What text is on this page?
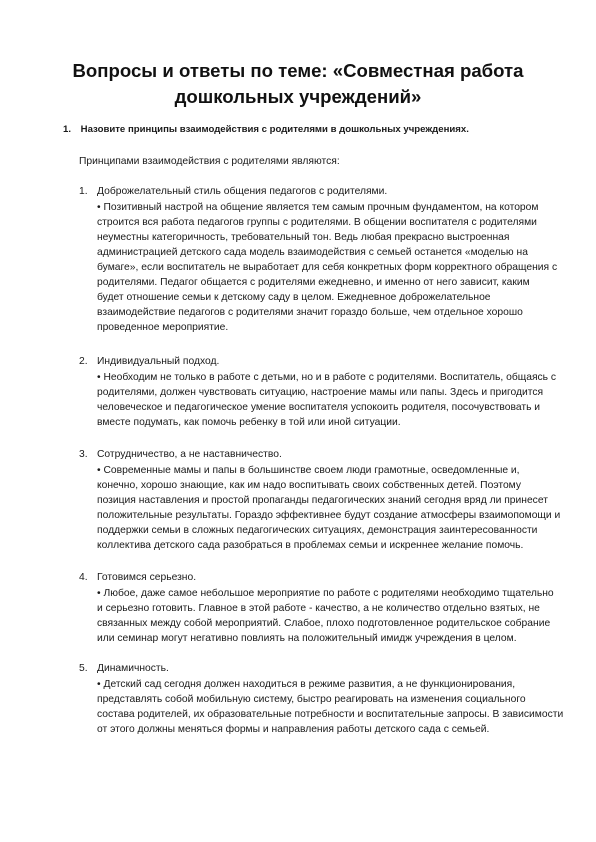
Вопросы и ответы по теме: «Совместная работа
дошкольных учреждений»
1. Назовите принципы взаимодействия с родителями в дошкольных учреждениях.
Принципами взаимодействия с родителями являются:
1. Доброжелательный стиль общения педагогов с родителями.
• Позитивный настрой на общение является тем самым прочным фундаментом, на котором
строится вся работа педагогов группы с родителями. В общении воспитателя с родителями
неуместны категоричность, требовательный тон. Ведь любая прекрасно выстроенная
администрацией детского сада модель взаимодействия с семьей останется «моделью на
бумаге», если воспитатель не выработает для себя конкретных форм корректного обращения с
родителями. Педагог общается с родителями ежедневно, и именно от него зависит, каким
будет отношение семьи к детскому саду в целом. Ежедневное доброжелательное
взаимодействие педагогов с родителями значит гораздо больше, чем отдельное хорошо
проведенное мероприятие.
2. Индивидуальный подход.
• Необходим не только в работе с детьми, но и в работе с родителями. Воспитатель, общаясь с
родителями, должен чувствовать ситуацию, настроение мамы или папы. Здесь и пригодится
человеческое и педагогическое умение воспитателя успокоить родителя, посочувствовать и
вместе подумать, как помочь ребенку в той или иной ситуации.
3. Сотрудничество, а не наставничество.
• Современные мамы и папы в большинстве своем люди грамотные, осведомленные и,
конечно, хорошо знающие, как им надо воспитывать своих собственных детей. Поэтому
позиция наставления и простой пропаганды педагогических знаний сегодня вряд ли принесет
положительные результаты. Гораздо эффективнее будут создание атмосферы взаимопомощи и
поддержки семьи в сложных педагогических ситуациях, демонстрация заинтересованности
коллектива детского сада разобраться в проблемах семьи и искреннее желание помочь.
4. Готовимся серьезно.
• Любое, даже самое небольшое мероприятие по работе с родителями необходимо тщательно
и серьезно готовить. Главное в этой работе - качество, а не количество отдельно взятых, не
связанных между собой мероприятий. Слабое, плохо подготовленное родительское собрание
или семинар могут негативно повлиять на положительный имидж учреждения в целом.
5. Динамичность.
• Детский сад сегодня должен находиться в режиме развития, а не функционирования,
представлять собой мобильную систему, быстро реагировать на изменения социального
состава родителей, их образовательные потребности и воспитательные запросы. В зависимости
от этого должны меняться формы и направления работы детского сада с семьей.
